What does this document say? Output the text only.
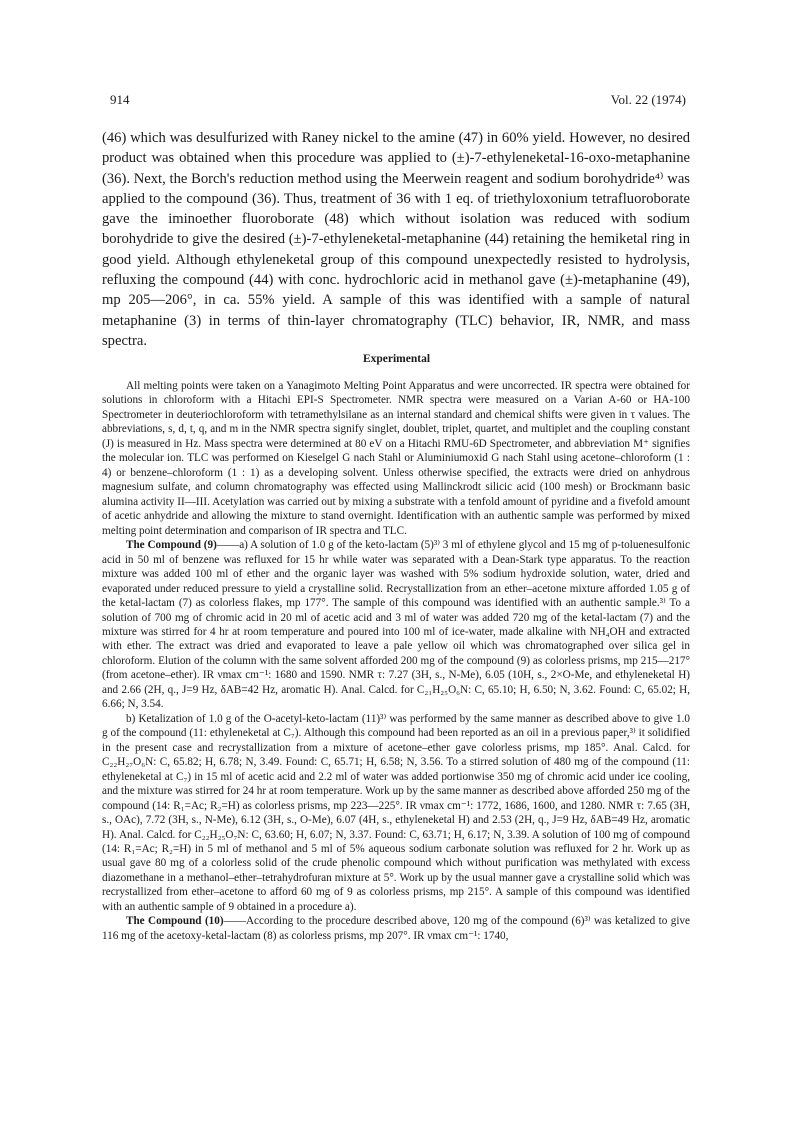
914	Vol. 22 (1974)

(46) which was desulfurized with Raney nickel to the amine (47) in 60% yield. However, no desired product was obtained when this procedure was applied to (±)-7-ethyleneketal-16-oxo-metaphanine (36). Next, the Borch's reduction method using the Meerwein reagent and sodium borohydride⁴⁾ was applied to the compound (36). Thus, treatment of 36 with 1 eq. of triethyloxonium tetrafluoroborate gave the iminoether fluoroborate (48) which without isolation was reduced with sodium borohydride to give the desired (±)-7-ethyleneketal-metaphanine (44) retaining the hemiketal ring in good yield. Although ethyleneketal group of this compound unexpectedly resisted to hydrolysis, refluxing the compound (44) with conc. hydrochloric acid in methanol gave (±)-metaphanine (49), mp 205—206°, in ca. 55% yield. A sample of this was identified with a sample of natural metaphanine (3) in terms of thin-layer chromatography (TLC) behavior, IR, NMR, and mass spectra.

Experimental

All melting points were taken on a Yanagimoto Melting Point Apparatus and were uncorrected. IR spectra were obtained for solutions in chloroform with a Hitachi EPI-S Spectrometer. NMR spectra were measured on a Varian A-60 or HA-100 Spectrometer in deuteriochloroform with tetramethylsilane as an internal standard and chemical shifts were given in τ values. The abbreviations, s, d, t, q, and m in the NMR spectra signify singlet, doublet, triplet, quartet, and multiplet and the coupling constant (J) is measured in Hz. Mass spectra were determined at 80 eV on a Hitachi RMU-6D Spectrometer, and abbreviation M⁺ signifies the molecular ion. TLC was performed on Kieselgel G nach Stahl or Aluminiumoxid G nach Stahl using acetone–chloroform (1 : 4) or benzene–chloroform (1 : 1) as a developing solvent. Unless otherwise specified, the extracts were dried on anhydrous magnesium sulfate, and column chromatography was effected using Mallinckrodt silicic acid (100 mesh) or Brockmann basic alumina activity II—III. Acetylation was carried out by mixing a substrate with a tenfold amount of pyridine and a fivefold amount of acetic anhydride and allowing the mixture to stand overnight. Identification with an authentic sample was performed by mixed melting point determination and comparison of IR spectra and TLC.

The Compound (9)——a) A solution of 1.0 g of the keto-lactam (5)³⁾ 3 ml of ethylene glycol and 15 mg of p-toluenesulfonic acid in 50 ml of benzene was refluxed for 15 hr while water was separated with a Dean-Stark type apparatus. To the reaction mixture was added 100 ml of ether and the organic layer was washed with 5% sodium hydroxide solution, water, dried and evaporated under reduced pressure to yield a crystalline solid. Recrystallization from an ether–acetone mixture afforded 1.05 g of the ketal-lactam (7) as colorless flakes, mp 177°. The sample of this compound was identified with an authentic sample.³⁾ To a solution of 700 mg of chromic acid in 20 ml of acetic acid and 3 ml of water was added 720 mg of the ketal-lactam (7) and the mixture was stirred for 4 hr at room temperature and poured into 100 ml of ice-water, made alkaline with NH₄OH and extracted with ether. The extract was dried and evaporated to leave a pale yellow oil which was chromatographed over silica gel in chloroform. Elution of the column with the same solvent afforded 200 mg of the compound (9) as colorless prisms, mp 215—217° (from acetone–ether). IR νmax cm⁻¹: 1680 and 1590. NMR τ: 7.27 (3H, s., N-Me), 6.05 (10H, s., 2×O-Me, and ethyleneketal H) and 2.66 (2H, q., J=9 Hz, δAB=42 Hz, aromatic H). Anal. Calcd. for C₂₁H₂₅O₆N: C, 65.10; H, 6.50; N, 3.62. Found: C, 65.02; H, 6.66; N, 3.54.

b) Ketalization of 1.0 g of the O-acetyl-keto-lactam (11)³⁾ was performed by the same manner as described above to give 1.0 g of the compound (11: ethyleneketal at C₇). Although this compound had been reported as an oil in a previous paper,³⁾ it solidified in the present case and recrystallization from a mixture of acetone–ether gave colorless prisms, mp 185°. Anal. Calcd. for C₂₂H₂₇O₆N: C, 65.82; H, 6.78; N, 3.49. Found: C, 65.71; H, 6.58; N, 3.56. To a stirred solution of 480 mg of the compound (11: ethyleneketal at C₇) in 15 ml of acetic acid and 2.2 ml of water was added portionwise 350 mg of chromic acid under ice cooling, and the mixture was stirred for 24 hr at room temperature. Work up by the same manner as described above afforded 250 mg of the compound (14: R₁=Ac; R₂=H) as colorless prisms, mp 223—225°. IR νmax cm⁻¹: 1772, 1686, 1600, and 1280. NMR τ: 7.65 (3H, s., OAc), 7.72 (3H, s., N-Me), 6.12 (3H, s., O-Me), 6.07 (4H, s., ethyleneketal H) and 2.53 (2H, q., J=9 Hz, δAB=49 Hz, aromatic H). Anal. Calcd. for C₂₂H₂₅O₇N: C, 63.60; H, 6.07; N, 3.37. Found: C, 63.71; H, 6.17; N, 3.39. A solution of 100 mg of compound (14: R₁=Ac; R₂=H) in 5 ml of methanol and 5 ml of 5% aqueous sodium carbonate solution was refluxed for 2 hr. Work up as usual gave 80 mg of a colorless solid of the crude phenolic compound which without purification was methylated with excess diazomethane in a methanol–ether–tetrahydrofuran mixture at 5°. Work up by the usual manner gave a crystalline solid which was recrystallized from ether–acetone to afford 60 mg of 9 as colorless prisms, mp 215°. A sample of this compound was identified with an authentic sample of 9 obtained in a procedure a).

The Compound (10)——According to the procedure described above, 120 mg of the compound (6)³⁾ was ketalized to give 116 mg of the acetoxy-ketal-lactam (8) as colorless prisms, mp 207°. IR νmax cm⁻¹: 1740,
